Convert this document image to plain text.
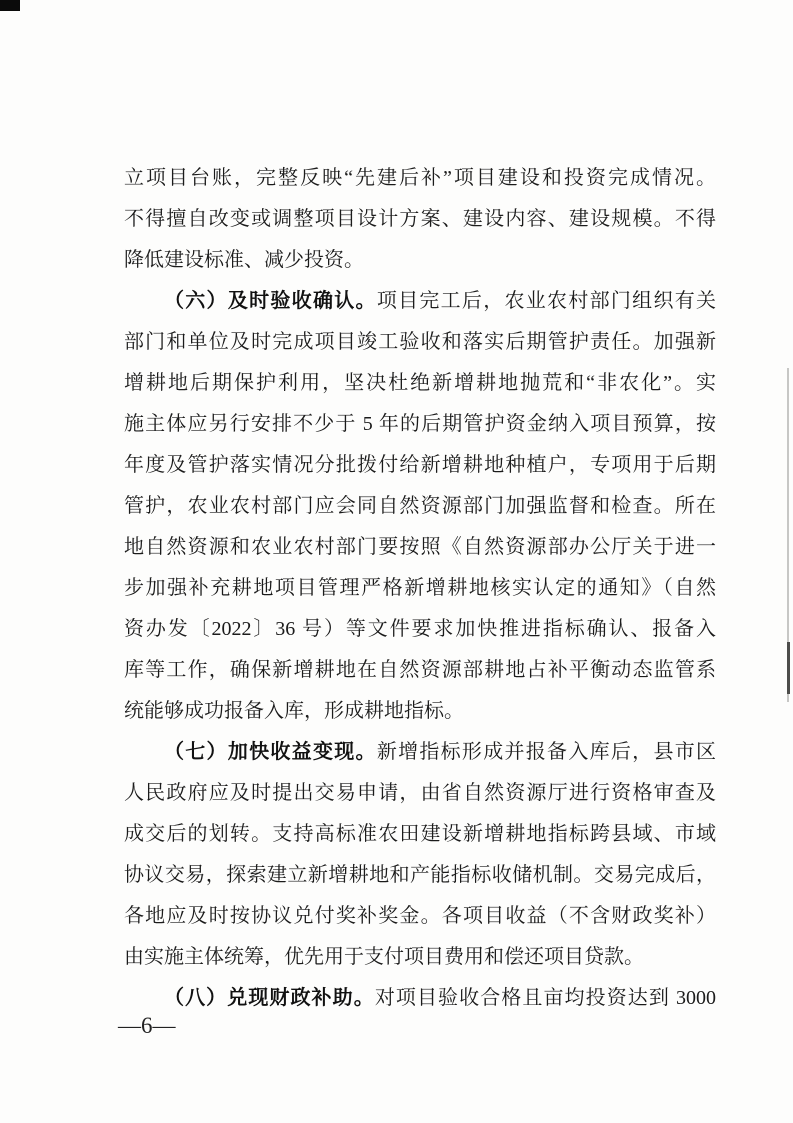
立项目台账，完整反映“先建后补”项目建设和投资完成情况。
不得擅自改变或调整项目设计方案、建设内容、建设规模。不得
降低建设标准、减少投资。
（六）及时验收确认。项目完工后，农业农村部门组织有关
部门和单位及时完成项目竣工验收和落实后期管护责任。加强新
增耕地后期保护利用，坚决杜绝新增耕地抛荒和“非农化”。实
施主体应另行安排不少于 5 年的后期管护资金纳入项目预算，按
年度及管护落实情况分批拨付给新增耕地种植户，专项用于后期
管护，农业农村部门应会同自然资源部门加强监督和检查。所在
地自然资源和农业农村部门要按照《自然资源部办公厅关于进一
步加强补充耕地项目管理严格新增耕地核实认定的通知》（自然
资办发〔2022〕36 号）等文件要求加快推进指标确认、报备入
库等工作，确保新增耕地在自然资源部耕地占补平衡动态监管系
统能够成功报备入库，形成耕地指标。
（七）加快收益变现。新增指标形成并报备入库后，县市区
人民政府应及时提出交易申请，由省自然资源厅进行资格审查及
成交后的划转。支持高标准农田建设新增耕地指标跨县域、市域
协议交易，探索建立新增耕地和产能指标收储机制。交易完成后，
各地应及时按协议兑付奖补奖金。各项目收益（不含财政奖补）
由实施主体统筹，优先用于支付项目费用和偿还项目贷款。
（八）兑现财政补助。对项目验收合格且亩均投资达到 3000
—6—
